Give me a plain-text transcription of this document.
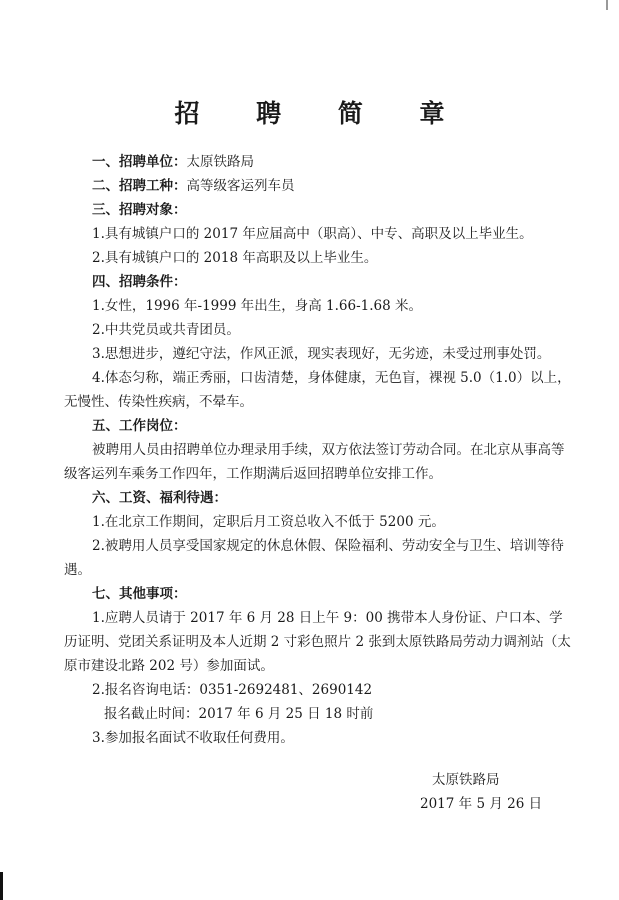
招 聘 简 章
一、招聘单位：太原铁路局
二、招聘工种：高等级客运列车员
三、招聘对象：
1.具有城镇户口的 2017 年应届高中（职高）、中专、高职及以上毕业生。
2.具有城镇户口的 2018 年高职及以上毕业生。
四、招聘条件：
1.女性，1996 年-1999 年出生，身高 1.66-1.68 米。
2.中共党员或共青团员。
3.思想进步，遵纪守法，作风正派，现实表现好，无劣迹，未受过刑事处罚。
4.体态匀称，端正秀丽，口齿清楚，身体健康，无色盲，裸视 5.0（1.0）以上，
无慢性、传染性疾病，不晕车。
五、工作岗位：
被聘用人员由招聘单位办理录用手续，双方依法签订劳动合同。在北京从事高等
级客运列车乘务工作四年，工作期满后返回招聘单位安排工作。
六、工资、福利待遇：
1.在北京工作期间，定职后月工资总收入不低于 5200 元。
2.被聘用人员享受国家规定的休息休假、保险福利、劳动安全与卫生、培训等待
遇。
七、其他事项：
1.应聘人员请于 2017 年 6 月 28 日上午 9：00 携带本人身份证、户口本、学
历证明、党团关系证明及本人近期 2 寸彩色照片 2 张到太原铁路局劳动力调剂站（太
原市建设北路 202 号）参加面试。
2.报名咨询电话：0351-2692481、2690142
报名截止时间：2017 年 6 月 25 日 18 时前
3.参加报名面试不收取任何费用。
太原铁路局
2017 年 5 月 26 日
